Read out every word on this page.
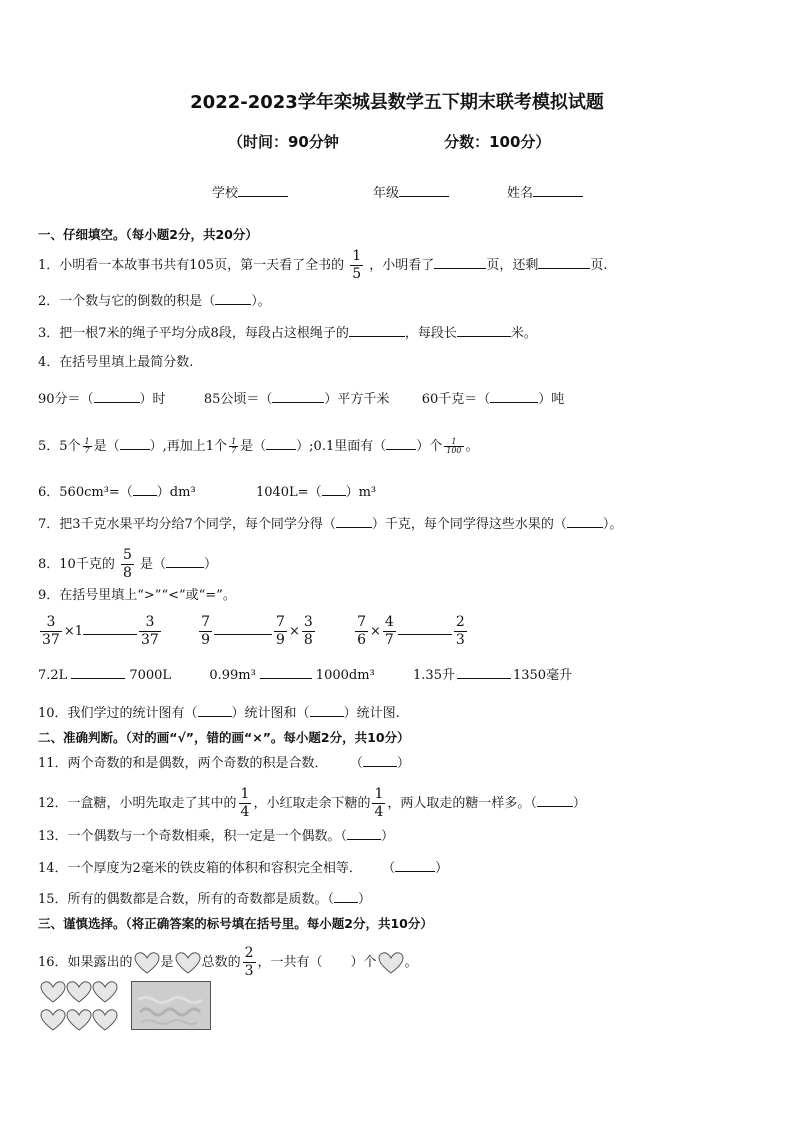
2022-2023学年栾城县数学五下期末联考模拟试题
（时间：90分钟	分数：100分）
学校	年级	姓名
一、仔细填空。（每小题2分，共20分）
1．小明看一本故事书共有105页，第一天看了全书的 $\frac{1}{5}$ ，小明看了	页，还剩	页.
2．一个数与它的倒数的积是（	）。
3．把一根7米的绳子平均分成8段，每段占这根绳子的	，每段长	米。
4．在括号里填上最简分数.
90分＝（	）时	85公顷＝（	）平方千米 60千克＝（	）吨
5．5个 $\frac{1}{7}$ 是（ ）,再加上1个 $\frac{1}{7}$ 是（ ）;0.1里面有（ ）个 $\frac{1}{100}$ 。
6．560cm³=（ ）dm³	1040L=（ ）m³
7．把3千克水果平均分给7个同学，每个同学分得（	）千克，每个同学得这些水果的（	）。
8．10千克的 $\frac{5}{8}$ 是（	）
9．在括号里填上“>”“<”或“=”。
$\frac{3}{37} \times 1$	$\frac{3}{37}$
	$\frac{7}{9}$	$\frac{7}{9} \times \frac{3}{8}$
	$\frac{7}{6} \times \frac{4}{7}$	$\frac{2}{3}$
7.2L	7000L	0.99m³	1000dm³	1.35升	1350毫升
10．我们学过的统计图有（	）统计图和（	）统计图.
二、准确判断。（对的画“√”，错的画“×”。每小题2分，共10分）
11．两个奇数的和是偶数，两个奇数的积是合数． （	）
12．一盒糖，小明先取走了其中的 $\frac{1}{4}$ ，小红取走余下糖的 $\frac{1}{4}$ ，两人取走的糖一样多。（	）
13．一个偶数与一个奇数相乘，积一定是一个偶数。（	）
14．一个厚度为2毫米的铁皮箱的体积和容积完全相等． （	）
15．所有的偶数都是合数，所有的奇数都是质数。（ ）
三、谨慎选择。（将正确答案的标号填在括号里。每小题2分，共10分）
16．如果露出的 是 总数的 $\frac{2}{3}$ ，一共有（ ）个 。
